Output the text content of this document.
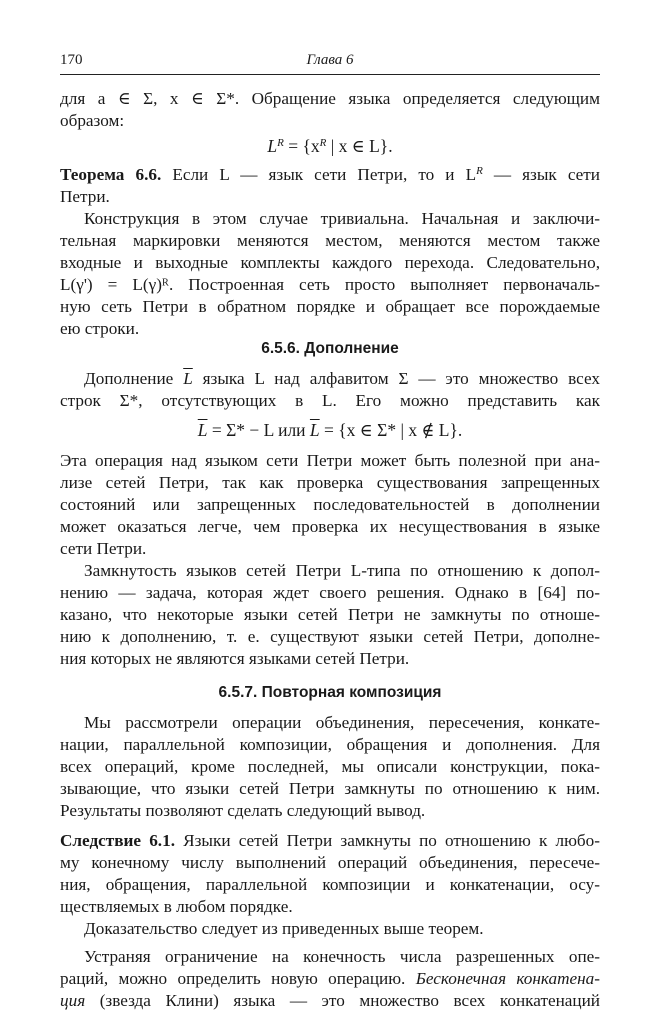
170	Глава 6
для a ∈ Σ, x ∈ Σ*. Обращение языка определяется следующим
образом:
$L^R = \{x^R$ | x ∈ L}.
Теорема 6.6. Если L — язык сети Петри, то и $L^R$ — язык сети
Петри.
Конструкция в этом случае тривиальна. Начальная и заключи-
тельная маркировки меняются местом, меняются местом также
входные и выходные комплекты каждого перехода. Следовательно,
L(γ') = L(γ)ᴿ. Построенная сеть просто выполняет первоначаль-
ную сеть Петри в обратном порядке и обращает все порождаемые
ею строки.
6.5.6. Дополнение
Дополнение $\overline{L}$ языка L над алфавитом Σ — это множество всех
строк Σ*, отсутствующих в L. Его можно представить как
$\overline{L} = \Sigma* - L$ или $\overline{L} = \{x$ ∈ Σ* | x ∉ L}.
Эта операция над языком сети Петри может быть полезной при ана-
лизе сетей Петри, так как проверка существования запрещенных
состояний или запрещенных последовательностей в дополнении
может оказаться легче, чем проверка их несуществования в языке
сети Петри.
Замкнутость языков сетей Петри L-типа по отношению к допол-
нению — задача, которая ждет своего решения. Однако в [64] по-
казано, что некоторые языки сетей Петри не замкнуты по отноше-
нию к дополнению, т. е. существуют языки сетей Петри, дополне-
ния которых не являются языками сетей Петри.
6.5.7. Повторная композиция
Мы рассмотрели операции объединения, пересечения, конкате-
нации, параллельной композиции, обращения и дополнения. Для
всех операций, кроме последней, мы описали конструкции, пока-
зывающие, что языки сетей Петри замкнуты по отношению к ним.
Результаты позволяют сделать следующий вывод.
Следствие 6.1. Языки сетей Петри замкнуты по отношению к любо-
му конечному числу выполнений операций объединения, пересече-
ния, обращения, параллельной композиции и конкатенации, осу-
ществляемых в любом порядке.
Доказательство следует из приведенных выше теорем.
Устраняя ограничение на конечность числа разрешенных опе-
раций, можно определить новую операцию. Бесконечная конкатена-
ция (звезда Клини) языка — это множество всех конкатенаций
